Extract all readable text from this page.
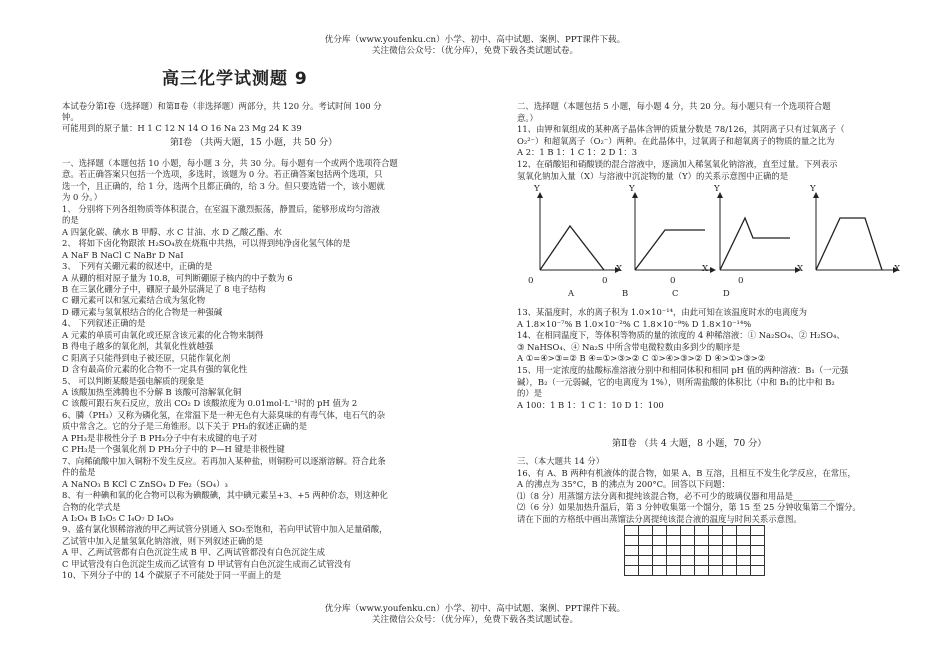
优分库（www.youfenku.cn）小学、初中、高中试题、案例、PPT课件下载。
关注微信公众号：（优分库），免费下载各类试题试卷。
高三化学试测题 9
本试卷分第Ⅰ卷（选择题）和第Ⅱ卷（非选择题）两部分，共 120 分。考试时间 100 分
钟。
可能用到的原子量：H 1 C 12 N 14 O 16 Na 23 Mg 24 K 39
第Ⅰ卷 （共两大题，15 小题，共 50 分）
一、选择题（本题包括 10 小题，每小题 3 分，共 30 分。每小题有一个或两个选项符合题
意。若正确答案只包括一个选项，多选时，该题为 0 分。若正确答案包括两个选项，只
选一个，且正确的，给 1 分，选两个且都正确的，给 3 分。但只要选错一个，该小题就
为 0 分。）
1、 分别将下列各组物质等体积混合，在室温下激烈振荡，静置后，能够形成均匀溶液
的是
A 四氯化碳、碘水 B 甲醇、水 C 甘油、水 D 乙酸乙酯、水
2、 将如下卤化物跟浓 H₂SO₄放在烧瓶中共热，可以得到纯净卤化氢气体的是
A NaF B NaCl C NaBr D NaI
3、 下列有关硼元素的叙述中，正确的是
A 从硼的相对原子量为 10.8，可判断硼原子核内的中子数为 6
B 在三氯化硼分子中，硼原子最外层满足了 8 电子结构
C 硼元素可以和氢元素结合成为氢化物
D 硼元素与氢氧根结合的化合物是一种强碱
4、 下列叙述正确的是
A 元素的单质可由氧化或还原含该元素的化合物来制得
B 得电子越多的氧化剂，其氧化性就越强
C 阳离子只能得到电子被还原，只能作氧化剂
D 含有最高价元素的化合物不一定具有强的氧化性
5、 可以判断某酸是强电解质的现象是
A 该酸加热至沸腾也不分解 B 该酸可溶解氧化铜
C 该酸可跟石灰石反应，放出 CO₂ D 该酸浓度为 0.01mol·L⁻¹时的 pH 值为 2
6、膦（PH₃）又称为磷化氢，在常温下是一种无色有大蒜臭味的有毒气体，电石气的杂
质中常含之。它的分子是三角锥形。以下关于 PH₃的叙述正确的是
A PH₃是非极性分子 B PH₃分子中有未成键的电子对
C PH₃是一个强氧化剂 D PH₃分子中的 P—H 键是非极性键
7、向稀硫酸中加入铜粉不发生反应。若再加入某种盐，则铜粉可以逐渐溶解。符合此条
件的盐是
A NaNO₃ B KCl C ZnSO₄ D Fe₂（SO₄）₃
8、有一种碘和氧的化合物可以称为碘酸碘，其中碘元素呈+3、+5 两种价态，则这种化
合物的化学式是
A I₂O₄ B I₃O₅ C I₄O₇ D I₄O₉
9、盛有氯化钡稀溶液的甲乙两试管分别通入 SO₂至饱和，若向甲试管中加入足量硝酸，
乙试管中加入足量氢氧化钠溶液，则下列叙述正确的是
A 甲、乙两试管都有白色沉淀生成 B 甲、乙两试管都没有白色沉淀生成
C 甲试管没有白色沉淀生成而乙试管有 D 甲试管有白色沉淀生成而乙试管没有
10、下列分子中的 14 个碳原子不可能处于同一平面上的是
二、选择题（本题包括 5 小题，每小题 4 分，共 20 分。每小题只有一个选项符合题
意。）
11、由钾和氧组成的某种离子晶体含钾的质量分数是 78/126，其阴离子只有过氧离子（
O₂²⁻）和超氧离子（O₂⁻）两种。在此晶体中，过氧离子和超氧离子的物质的量之比为
A 2：1 B 1：1 C 1：2 D 1：3
12、在硝酸铝和硝酸镁的混合溶液中，逐滴加入稀氢氧化钠溶液，直至过量。下列表示
氢氧化钠加入量（X）与溶液中沉淀物的量（Y）的关系示意图中正确的是
Y	Y	Y	Y
X	X	X	X
0	0	0	0
A	B	C	D
13、某温度时，水的离子积为 1.0×10⁻¹⁴，由此可知在该温度时水的电离度为
A 1.8×10⁻⁷% B 1.0×10⁻²% C 1.8×10⁻⁹% D 1.8×10⁻¹⁴%
14、在相同温度下，等体积等物质的量的浓度的 4 种稀溶液：① Na₂SO₄、② H₂SO₄、
③ NaHSO₄、④ Na₂S 中所含带电微粒数由多到少的顺序是
A ①=④>③=② B ④=①>③>② C ①>④>③>② D ④>①>③>②
15、用一定浓度的盐酸标准溶液分别中和相同体积和相同 pH 值的两种溶液：B₁（一元强
碱），B₂（一元弱碱，它的电离度为 1%），则所需盐酸的体积比（中和 B₁的比中和 B₂
的）是
A 100：1 B 1：1 C 1：10 D 1：100
第Ⅱ卷 （共 4 大题，8 小题，70 分）
三、（本大题共 14 分）
16、有 A、B 两种有机液体的混合物，如果 A、B 互溶，且相互不发生化学反应，在常压，
A 的沸点为 35°C，B 的沸点为 200°C。回答以下问题：
⑴（8 分）用蒸馏方法分离和提纯该混合物，必不可少的玻璃仪器和用品是__________
⑵（6 分）如果加热升温后，第 3 分钟收集第一个馏分，第 15 至 25 分钟收集第二个馏分。
请在下面的方格纸中画出蒸馏法分离提纯该混合液的温度与时间关系示意图。

优分库（www.youfenku.cn）小学、初中、高中试题、案例、PPT课件下载。
关注微信公众号：（优分库），免费下载各类试题试卷。
